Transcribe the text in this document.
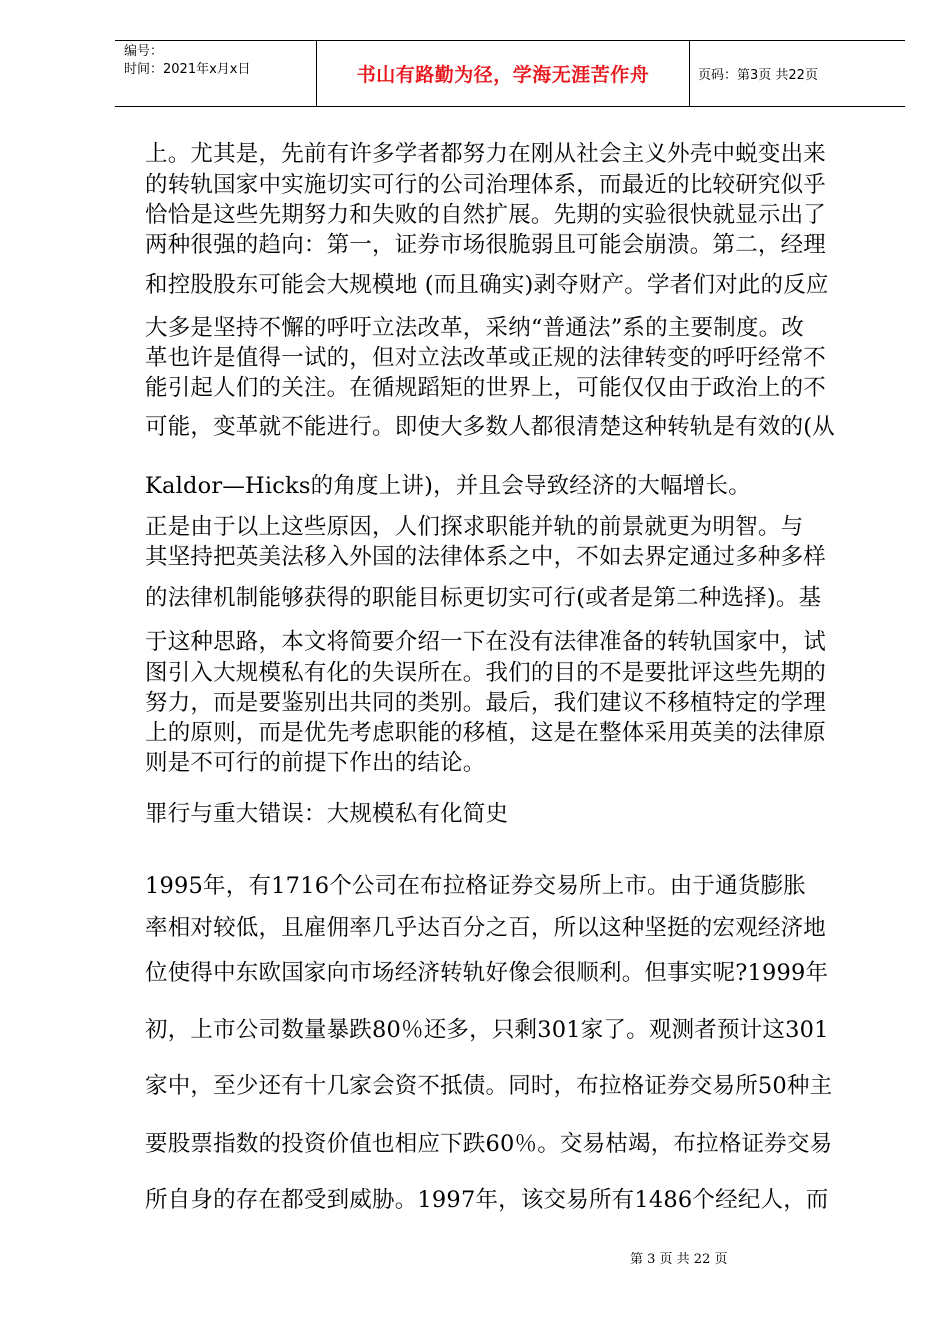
编号：
时间：2021年x月x日	书山有路勤为径，学海无涯苦作舟	页码：第3页 共22页
上。尤其是，先前有许多学者都努力在刚从社会主义外壳中蜕变出来
的转轨国家中实施切实可行的公司治理体系，而最近的比较研究似乎
恰恰是这些先期努力和失败的自然扩展。先期的实验很快就显示出了
两种很强的趋向：第一，证券市场很脆弱且可能会崩溃。第二，经理
和控股股东可能会大规模地 (而且确实)剥夺财产。学者们对此的反应
大多是坚持不懈的呼吁立法改革，采纳“普通法”系的主要制度。改
革也许是值得一试的，但对立法改革或正规的法律转变的呼吁经常不
能引起人们的关注。在循规蹈矩的世界上，可能仅仅由于政治上的不
可能，变革就不能进行。即使大多数人都很清楚这种转轨是有效的(从
Kaldor—Hicks的角度上讲)，并且会导致经济的大幅增长。
正是由于以上这些原因，人们探求职能并轨的前景就更为明智。与
其坚持把英美法移入外国的法律体系之中，不如去界定通过多种多样
的法律机制能够获得的职能目标更切实可行(或者是第二种选择)。基
于这种思路，本文将简要介绍一下在没有法律准备的转轨国家中，试
图引入大规模私有化的失误所在。我们的目的不是要批评这些先期的
努力，而是要鉴别出共同的类别。最后，我们建议不移植特定的学理
上的原则，而是优先考虑职能的移植，这是在整体采用英美的法律原
则是不可行的前提下作出的结论。
罪行与重大错误：大规模私有化简史
1995年，有1716个公司在布拉格证券交易所上市。由于通货膨胀
率相对较低，且雇佣率几乎达百分之百，所以这种坚挺的宏观经济地
位使得中东欧国家向市场经济转轨好像会很顺利。但事实呢?1999年
初，上市公司数量暴跌80％还多，只剩301家了。观测者预计这301
家中，至少还有十几家会资不抵债。同时，布拉格证券交易所50种主
要股票指数的投资价值也相应下跌60％。交易枯竭，布拉格证券交易
所自身的存在都受到威胁。1997年，该交易所有1486个经纪人，而
第 3 页 共 22 页
